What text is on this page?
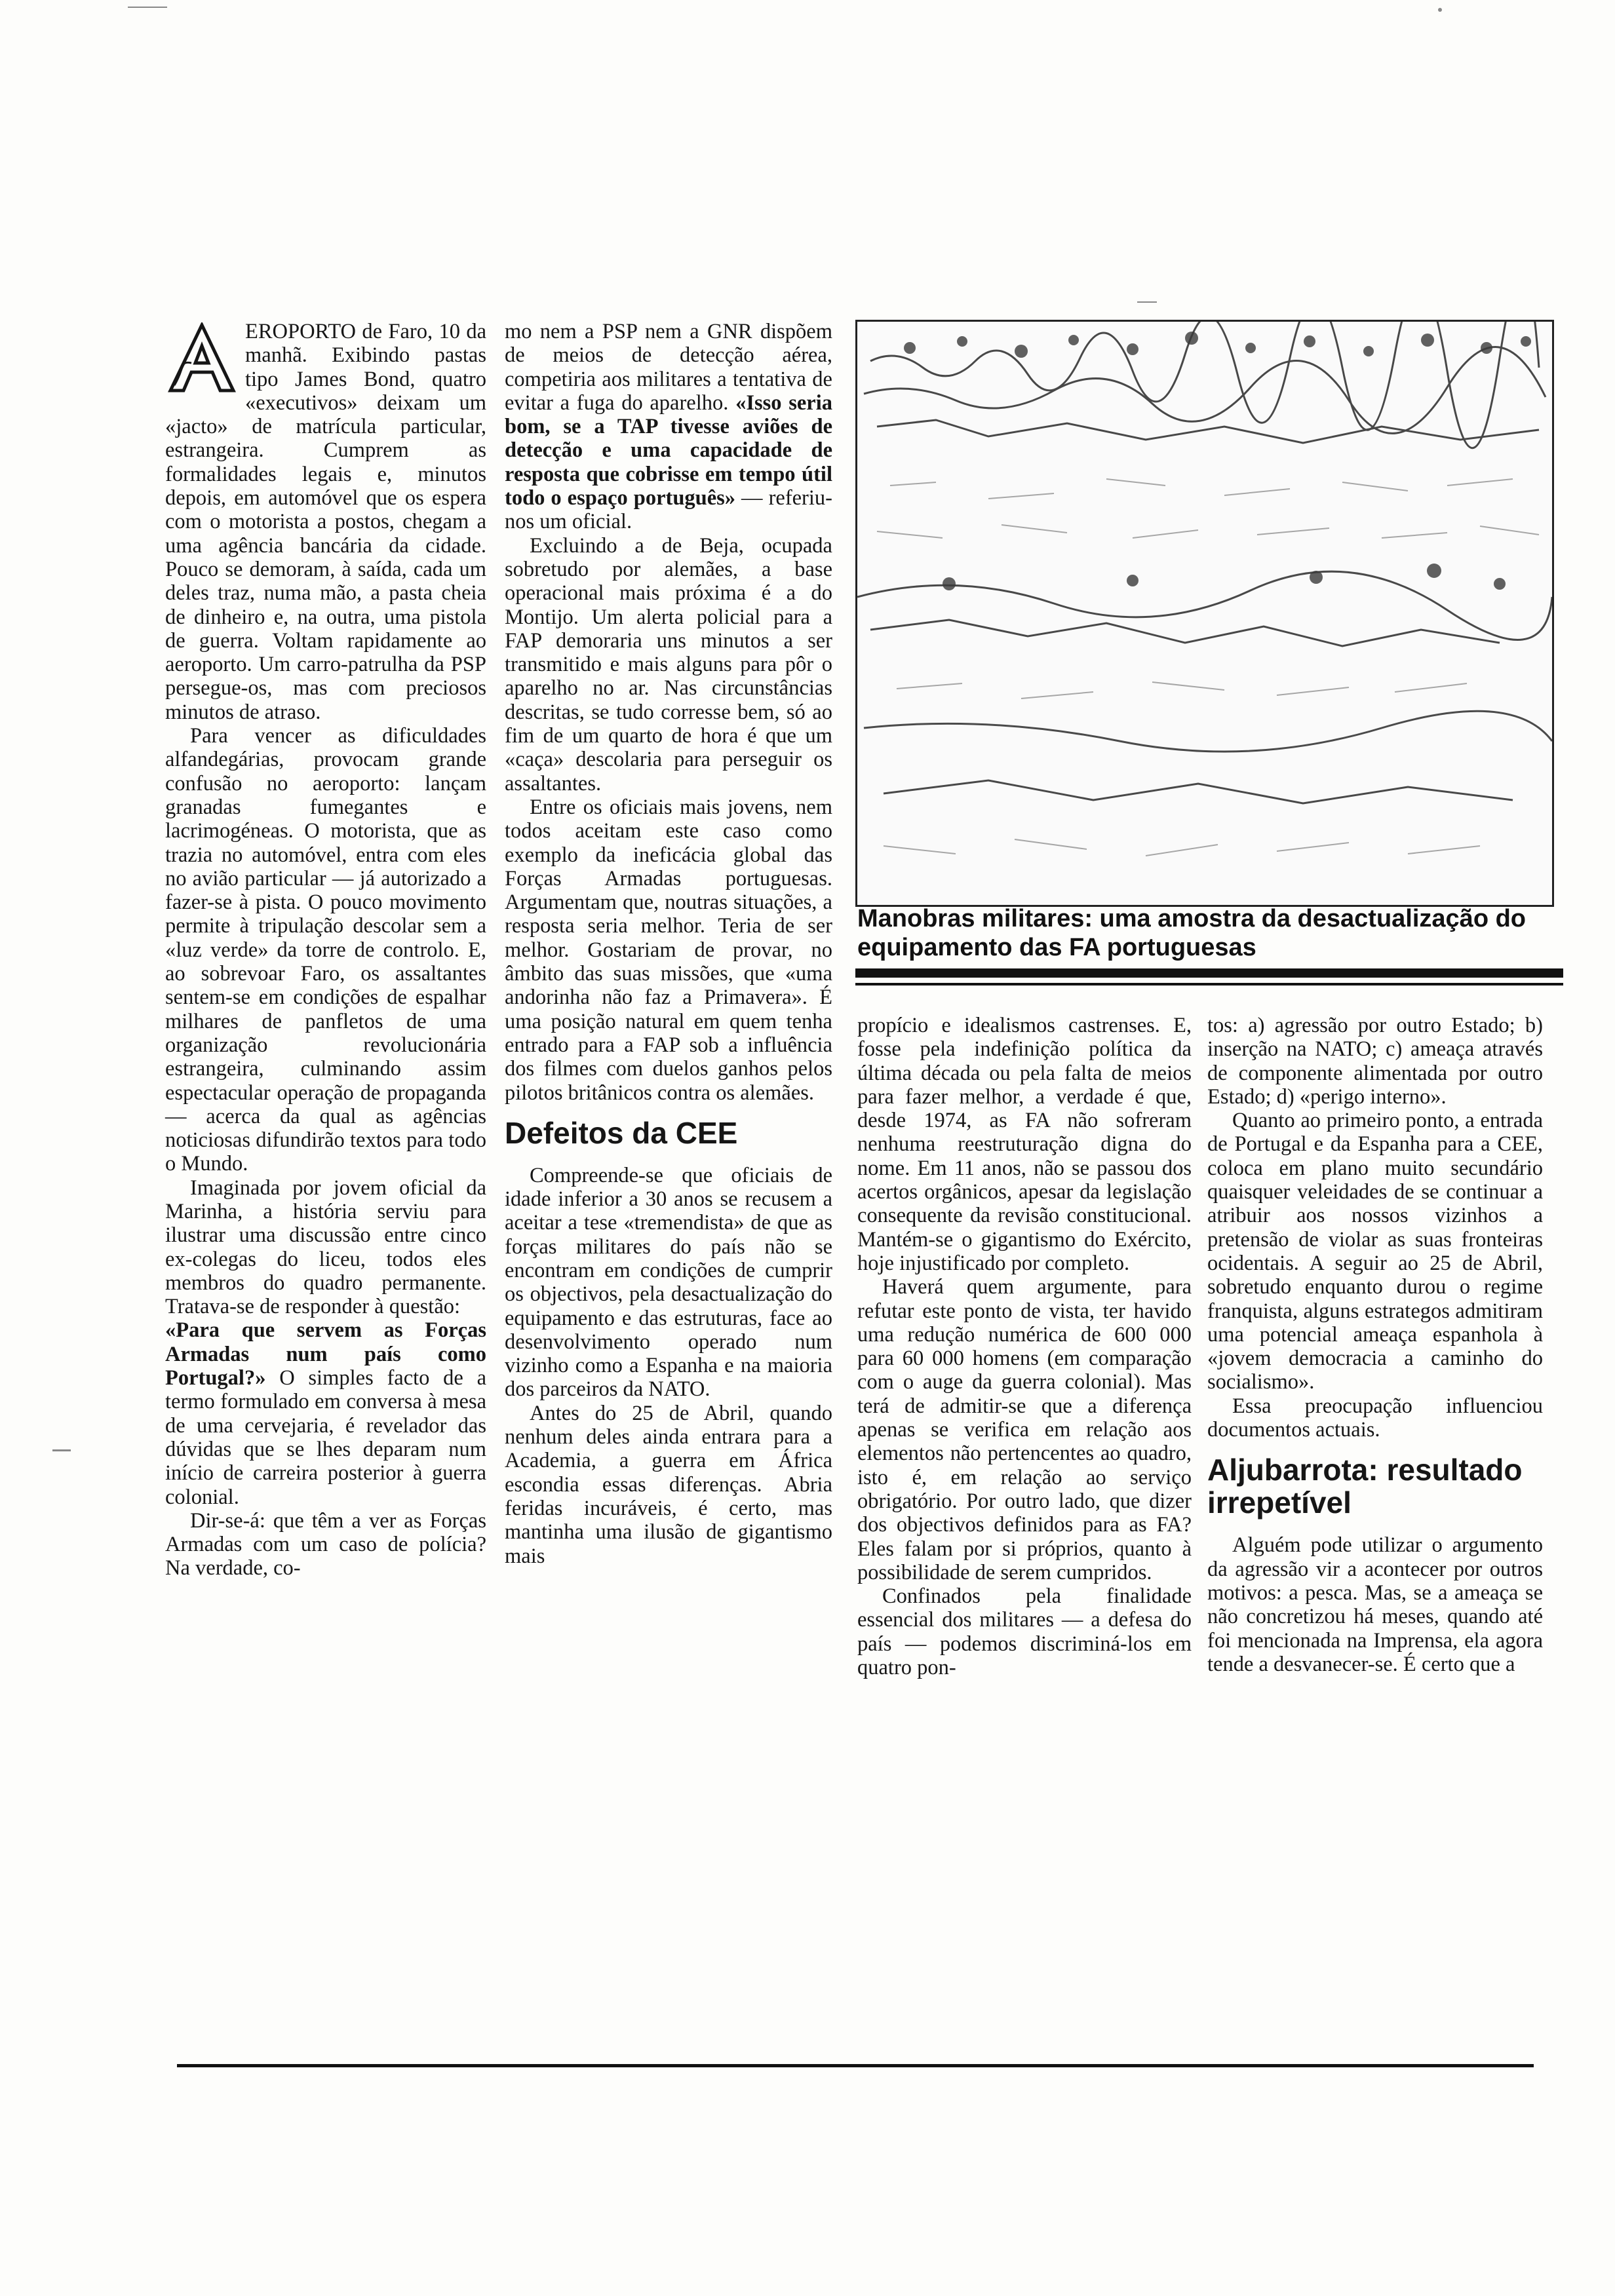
EROPORTO de Faro, 10 da manhã. Exibindo pastas tipo James Bond, quatro «executivos» deixam um «jacto» de matrícula particular, estrangeira. Cumprem as formalidades legais e, minutos depois, em automóvel que os espera com o motorista a postos, chegam a uma agência bancária da cidade. Pouco se demoram, à saída, cada um deles traz, numa mão, a pasta cheia de dinheiro e, na outra, uma pistola de guerra. Voltam rapidamente ao aeroporto. Um carro-patrulha da PSP persegue-os, mas com preciosos minutos de atraso.

Para vencer as dificuldades alfandegárias, provocam grande confusão no aeroporto: lançam granadas fumegantes e lacrimogéneas. O motorista, que as trazia no automóvel, entra com eles no avião particular — já autorizado a fazer-se à pista. O pouco movimento permite à tripulação descolar sem a «luz verde» da torre de controlo. E, ao sobrevoar Faro, os assaltantes sentem-se em condições de espalhar milhares de panfletos de uma organização revolucionária estrangeira, culminando assim espectacular operação de propaganda — acerca da qual as agências noticiosas difundirão textos para todo o Mundo.

Imaginada por jovem oficial da Marinha, a história serviu para ilustrar uma discussão entre cinco ex-colegas do liceu, todos eles membros do quadro permanente. Tratava-se de responder à questão:

«Para que servem as Forças Armadas num país como Portugal?» O simples facto de a termo formulado em conversa à mesa de uma cervejaria, é revelador das dúvidas que se lhes deparam num início de carreira posterior à guerra colonial.

Dir-se-á: que têm a ver as Forças Armadas com um caso de polícia? Na verdade, co-

mo nem a PSP nem a GNR dispõem de meios de detecção aérea, competiria aos militares a tentativa de evitar a fuga do aparelho. «Isso seria bom, se a TAP tivesse aviões de detecção e uma capacidade de resposta que cobrisse em tempo útil todo o espaço português» — referiu-nos um oficial.

Excluindo a de Beja, ocupada sobretudo por alemães, a base operacional mais próxima é a do Montijo. Um alerta policial para a FAP demoraria uns minutos a ser transmitido e mais alguns para pôr o aparelho no ar. Nas circunstâncias descritas, se tudo corresse bem, só ao fim de um quarto de hora é que um «caça» descolaria para perseguir os assaltantes.

Entre os oficiais mais jovens, nem todos aceitam este caso como exemplo da ineficácia global das Forças Armadas portuguesas. Argumentam que, noutras situações, a resposta seria melhor. Teria de ser melhor. Gostariam de provar, no âmbito das suas missões, que «uma andorinha não faz a Primavera». É uma posição natural em quem tenha entrado para a FAP sob a influência dos filmes com duelos ganhos pelos pilotos britânicos contra os alemães.

Defeitos da CEE

Compreende-se que oficiais de idade inferior a 30 anos se recusem a aceitar a tese «tremendista» de que as forças militares do país não se encontram em condições de cumprir os objectivos, pela desactualização do equipamento e das estruturas, face ao desenvolvimento operado num vizinho como a Espanha e na maioria dos parceiros da NATO.

Antes do 25 de Abril, quando nenhum deles ainda entrara para a Academia, a guerra em África escondia essas diferenças. Abria feridas incuráveis, é certo, mas mantinha uma ilusão de gigantismo mais

Manobras militares: uma amostra da desactualização do equipamento das FA portuguesas

propício e idealismos castrenses. E, fosse pela indefinição política da última década ou pela falta de meios para fazer melhor, a verdade é que, desde 1974, as FA não sofreram nenhuma reestruturação digna do nome. Em 11 anos, não se passou dos acertos orgânicos, apesar da legislação consequente da revisão constitucional. Mantém-se o gigantismo do Exército, hoje injustificado por completo.

Haverá quem argumente, para refutar este ponto de vista, ter havido uma redução numérica de 600 000 para 60 000 homens (em comparação com o auge da guerra colonial). Mas terá de admitir-se que a diferença apenas se verifica em relação aos elementos não pertencentes ao quadro, isto é, em relação ao serviço obrigatório. Por outro lado, que dizer dos objectivos definidos para as FA? Eles falam por si próprios, quanto à possibilidade de serem cumpridos.

Confinados pela finalidade essencial dos militares — a defesa do país — podemos discriminá-los em quatro pon-

tos: a) agressão por outro Estado; b) inserção na NATO; c) ameaça através de componente alimentada por outro Estado; d) «perigo interno».

Quanto ao primeiro ponto, a entrada de Portugal e da Espanha para a CEE, coloca em plano muito secundário quaisquer veleidades de se continuar a atribuir aos nossos vizinhos a pretensão de violar as suas fronteiras ocidentais. A seguir ao 25 de Abril, sobretudo enquanto durou o regime franquista, alguns estrategos admitiram uma potencial ameaça espanhola à «jovem democracia a caminho do socialismo».

Essa preocupação influenciou documentos actuais.

Aljubarrota: resultado irrepetível

Alguém pode utilizar o argumento da agressão vir a acontecer por outros motivos: a pesca. Mas, se a ameaça se não concretizou há meses, quando até foi mencionada na Imprensa, ela agora tende a desvanecer-se. É certo que a
